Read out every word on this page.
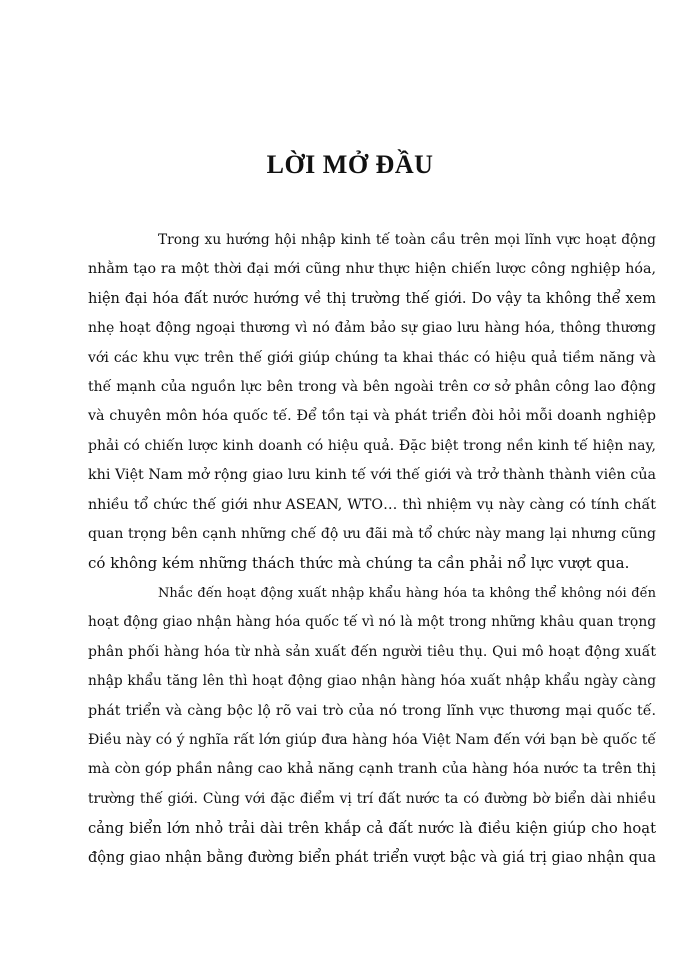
LỜI MỞ ĐẦU
Trong xu hướng hội nhập kinh tế toàn cầu trên mọi lĩnh vực hoạt động
nhằm tạo ra một thời đại mới cũng như thực hiện chiến lược công nghiệp hóa,
hiện đại hóa đất nước hướng về thị trường thế giới. Do vậy ta không thể xem
nhẹ hoạt động ngoại thương vì nó đảm bảo sự giao lưu hàng hóa, thông thương
với các khu vực trên thế giới giúp chúng ta khai thác có hiệu quả tiềm năng và
thế mạnh của nguồn lực bên trong và bên ngoài trên cơ sở phân công lao động
và chuyên môn hóa quốc tế. Để tồn tại và phát triển đòi hỏi mỗi doanh nghiệp
phải có chiến lược kinh doanh có hiệu quả. Đặc biệt trong nền kinh tế hiện nay,
khi Việt Nam mở rộng giao lưu kinh tế với thế giới và trở thành thành viên của
nhiều tổ chức thế giới như ASEAN, WTO… thì nhiệm vụ này càng có tính chất
quan trọng bên cạnh những chế độ ưu đãi mà tổ chức này mang lại nhưng cũng
có không kém những thách thức mà chúng ta cần phải nổ lực vượt qua.
Nhắc đến hoạt động xuất nhập khẩu hàng hóa ta không thể không nói đến
hoạt động giao nhận hàng hóa quốc tế vì nó là một trong những khâu quan trọng
phân phối hàng hóa từ nhà sản xuất đến người tiêu thụ. Qui mô hoạt động xuất
nhập khẩu tăng lên thì hoạt động giao nhận hàng hóa xuất nhập khẩu ngày càng
phát triển và càng bộc lộ rõ vai trò của nó trong lĩnh vực thương mại quốc tế.
Điều này có ý nghĩa rất lớn giúp đưa hàng hóa Việt Nam đến với bạn bè quốc tế
mà còn góp phần nâng cao khả năng cạnh tranh của hàng hóa nước ta trên thị
trường thế giới. Cùng với đặc điểm vị trí đất nước ta có đường bờ biển dài nhiều
cảng biển lớn nhỏ trải dài trên khắp cả đất nước là điều kiện giúp cho hoạt
động giao nhận bằng đường biển phát triển vượt bậc và giá trị giao nhận qua
